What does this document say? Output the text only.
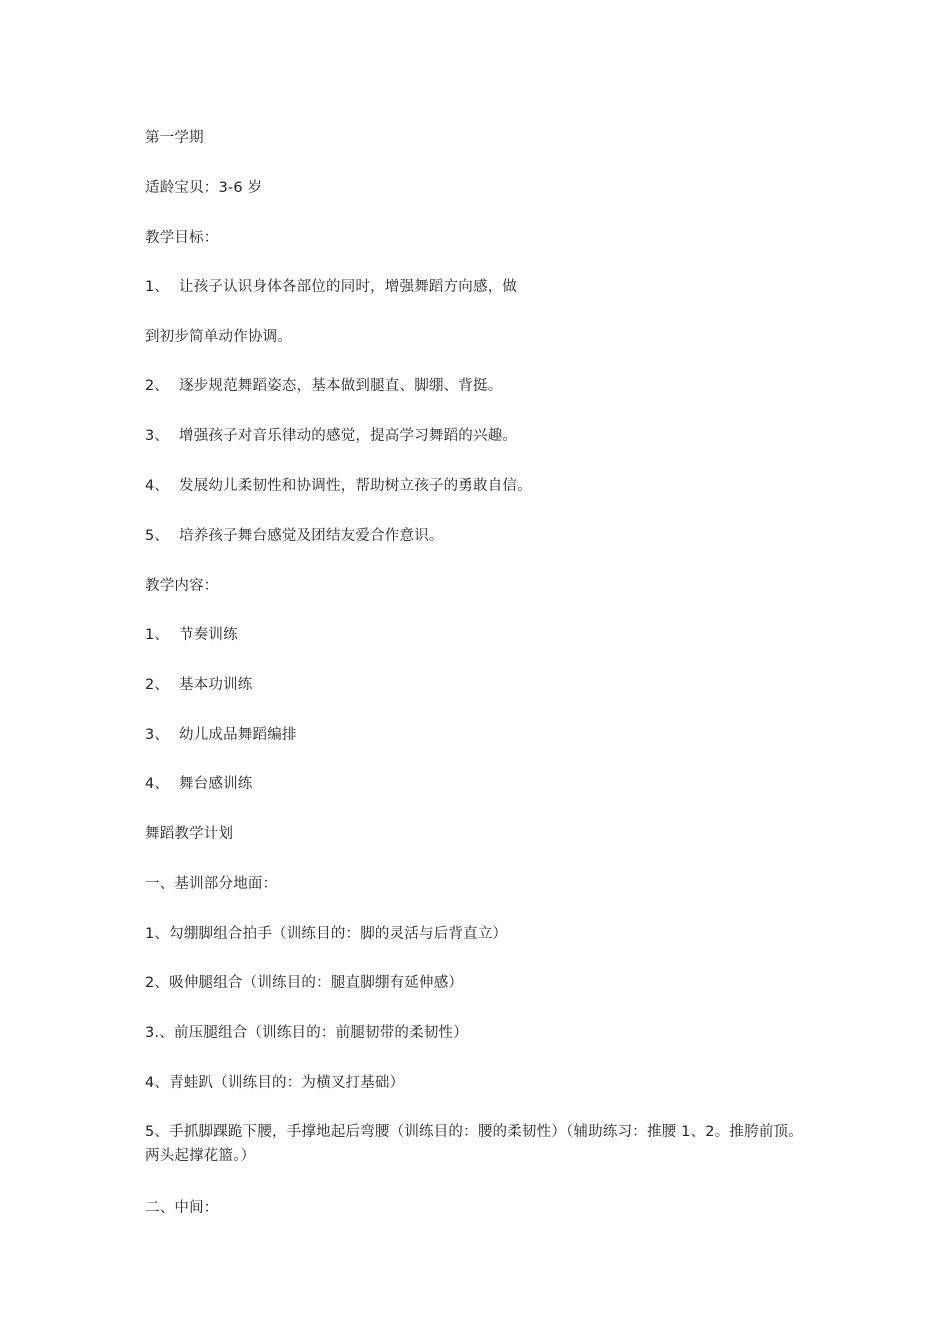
第一学期
适龄宝贝：3-6 岁
教学目标：
1、 让孩子认识身体各部位的同时，增强舞蹈方向感，做
到初步简单动作协调。
2、 逐步规范舞蹈姿态，基本做到腿直、脚绷、背挺。
3、 增强孩子对音乐律动的感觉，提高学习舞蹈的兴趣。
4、 发展幼儿柔韧性和协调性，帮助树立孩子的勇敢自信。
5、 培养孩子舞台感觉及团结友爱合作意识。
教学内容：
1、 节奏训练
2、 基本功训练
3、 幼儿成品舞蹈编排
4、 舞台感训练
舞蹈教学计划
一、基训部分地面：
1、勾绷脚组合拍手（训练目的：脚的灵活与后背直立）
2、吸伸腿组合（训练目的：腿直脚绷有延伸感）
3.、前压腿组合（训练目的：前腿韧带的柔韧性）
4、青蛙趴（训练目的：为横叉打基础）
5、手抓脚踝跪下腰，手撑地起后弯腰（训练目的：腰的柔韧性）（辅助练习：推腰 1、2。推胯前顶。两头起撑花篮。）
二、中间：
